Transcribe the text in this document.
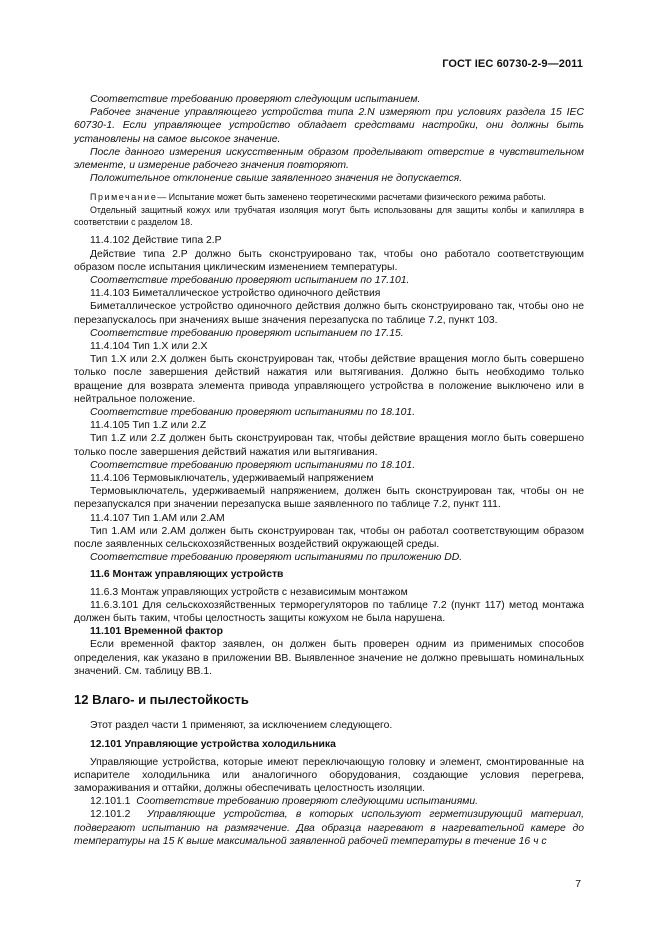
ГОСТ IEC 60730-2-9—2011

Соответствие требованию проверяют следующим испытанием.

Рабочее значение управляющего устройства типа 2.N измеряют при условиях раздела 15 IEC 60730-1. Если управляющее устройство обладает средствами настройки, они должны быть установлены на самое высокое значение.

После данного измерения искусственным образом проделывают отверстие в чувствительном элементе, и измерение рабочего значения повторяют.

Положительное отклонение свыше заявленного значения не допускается.

Примечание— Испытание может быть заменено теоретическими расчетами физического режима работы.

Отдельный защитный кожух или трубчатая изоляция могут быть использованы для защиты колбы и капилляра в соответствии с разделом 18.

11.4.102 Действие типа 2.Р

Действие типа 2.Р должно быть сконструировано так, чтобы оно работало соответствующим образом после испытания циклическим изменением температуры.

Соответствие требованию проверяют испытанием по 17.101.

11.4.103 Биметаллическое устройство одиночного действия

Биметаллическое устройство одиночного действия должно быть сконструировано так, чтобы оно не перезапускалось при значениях выше значения перезапуска по таблице 7.2, пункт 103.

Соответствие требованию проверяют испытанием по 17.15.

11.4.104 Тип 1.Х или 2.Х

Тип 1.Х или 2.Х должен быть сконструирован так, чтобы действие вращения могло быть совершено только после завершения действий нажатия или вытягивания. Должно быть необходимо только вращение для возврата элемента привода управляющего устройства в положение выключено или в нейтральное положение.

Соответствие требованию проверяют испытаниями по 18.101.

11.4.105 Тип 1.Z или 2.Z

Тип 1.Z или 2.Z должен быть сконструирован так, чтобы действие вращения могло быть совершено только после завершения действий нажатия или вытягивания.

Соответствие требованию проверяют испытаниями по 18.101.

11.4.106 Термовыключатель, удерживаемый напряжением

Термовыключатель, удерживаемый напряжением, должен быть сконструирован так, чтобы он не перезапускался при значении перезапуска выше заявленного по таблице 7.2, пункт 111.

11.4.107 Тип 1.АМ или 2.АМ

Тип 1.АМ или 2.АМ должен быть сконструирован так, чтобы он работал соответствующим образом после заявленных сельскохозяйственных воздействий окружающей среды.

Соответствие требованию проверяют испытаниями по приложению DD.

11.6 Монтаж управляющих устройств

11.6.3 Монтаж управляющих устройств с независимым монтажом

11.6.3.101 Для сельскохозяйственных терморегуляторов по таблице 7.2 (пункт 117) метод монтажа должен быть таким, чтобы целостность защиты кожухом не была нарушена.

11.101 Временной фактор

Если временной фактор заявлен, он должен быть проверен одним из применимых способов определения, как указано в приложении ВВ. Выявленное значение не должно превышать номинальных значений. См. таблицу ВВ.1.

12 Влаго- и пылестойкость

Этот раздел части 1 применяют, за исключением следующего.

12.101 Управляющие устройства холодильника

Управляющие устройства, которые имеют переключающую головку и элемент, смонтированные на испарителе холодильника или аналогичного оборудования, создающие условия перегрева, замораживания и оттайки, должны обеспечивать целостность изоляции.

12.101.1 Соответствие требованию проверяют следующими испытаниями.

12.101.2 Управляющие устройства, в которых используют герметизирующий материал, подвергают испытанию на размягчение. Два образца нагревают в нагревательной камере до температуры на 15 К выше максимальной заявленной рабочей температуры в течение 16 ч с

7
